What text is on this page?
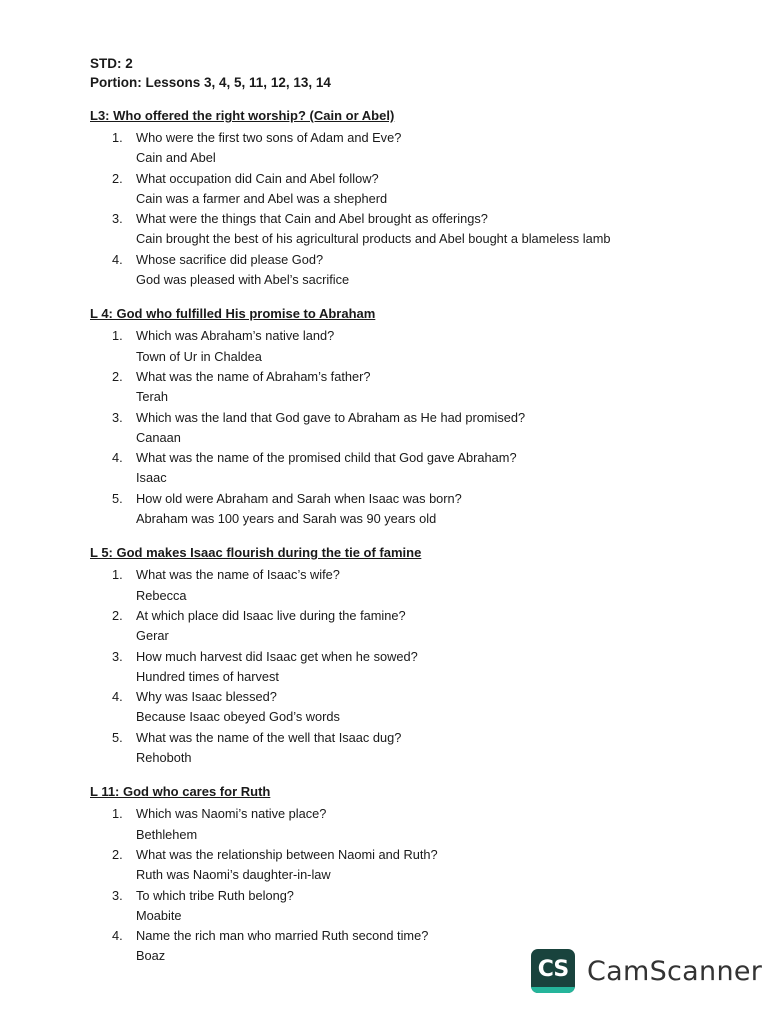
STD: 2
Portion: Lessons 3, 4, 5, 11, 12, 13, 14
L3: Who offered the right worship? (Cain or Abel)
1. Who were the first two sons of Adam and Eve?
Cain and Abel
2. What occupation did Cain and Abel follow?
Cain was a farmer and Abel was a shepherd
3. What were the things that Cain and Abel brought as offerings?
Cain brought the best of his agricultural products and Abel bought a blameless lamb
4. Whose sacrifice did please God?
God was pleased with Abel’s sacrifice
L 4: God who fulfilled His promise to Abraham
1. Which was Abraham’s native land?
Town of Ur in Chaldea
2. What was the name of Abraham’s father?
Terah
3. Which was the land that God gave to Abraham as He had promised?
Canaan
4. What was the name of the promised child that God gave Abraham?
Isaac
5. How old were Abraham and Sarah when Isaac was born?
Abraham was 100 years and Sarah was 90 years old
L 5: God makes Isaac flourish during the tie of famine
1. What was the name of Isaac’s wife?
Rebecca
2. At which place did Isaac live during the famine?
Gerar
3. How much harvest did Isaac get when he sowed?
Hundred times of harvest
4. Why was Isaac blessed?
Because Isaac obeyed God’s words
5. What was the name of the well that Isaac dug?
Rehoboth
L 11: God who cares for Ruth
1. Which was Naomi’s native place?
Bethlehem
2. What was the relationship between Naomi and Ruth?
Ruth was Naomi’s daughter-in-law
3. To which tribe Ruth belong?
Moabite
4. Name the rich man who married Ruth second time?
Boaz
CS CamScanner
